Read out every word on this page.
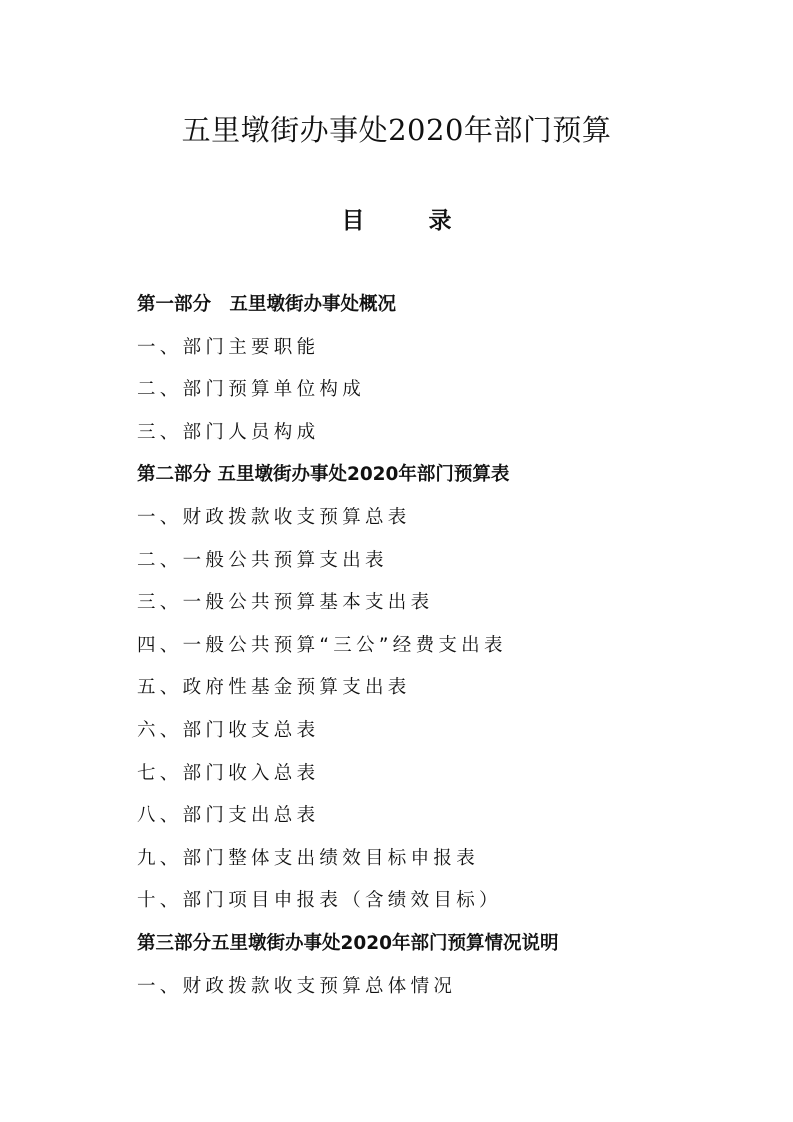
五里墩街办事处2020年部门预算
目 录
第一部分　五里墩街办事处概况
一、部门主要职能
二、部门预算单位构成
三、部门人员构成
第二部分 五里墩街办事处2020年部门预算表
一、财政拨款收支预算总表
二、一般公共预算支出表
三、一般公共预算基本支出表
四、一般公共预算“三公”经费支出表
五、政府性基金预算支出表
六、部门收支总表
七、部门收入总表
八、部门支出总表
九、部门整体支出绩效目标申报表
十、部门项目申报表（含绩效目标）
第三部分五里墩街办事处2020年部门预算情况说明
一、财政拨款收支预算总体情况
